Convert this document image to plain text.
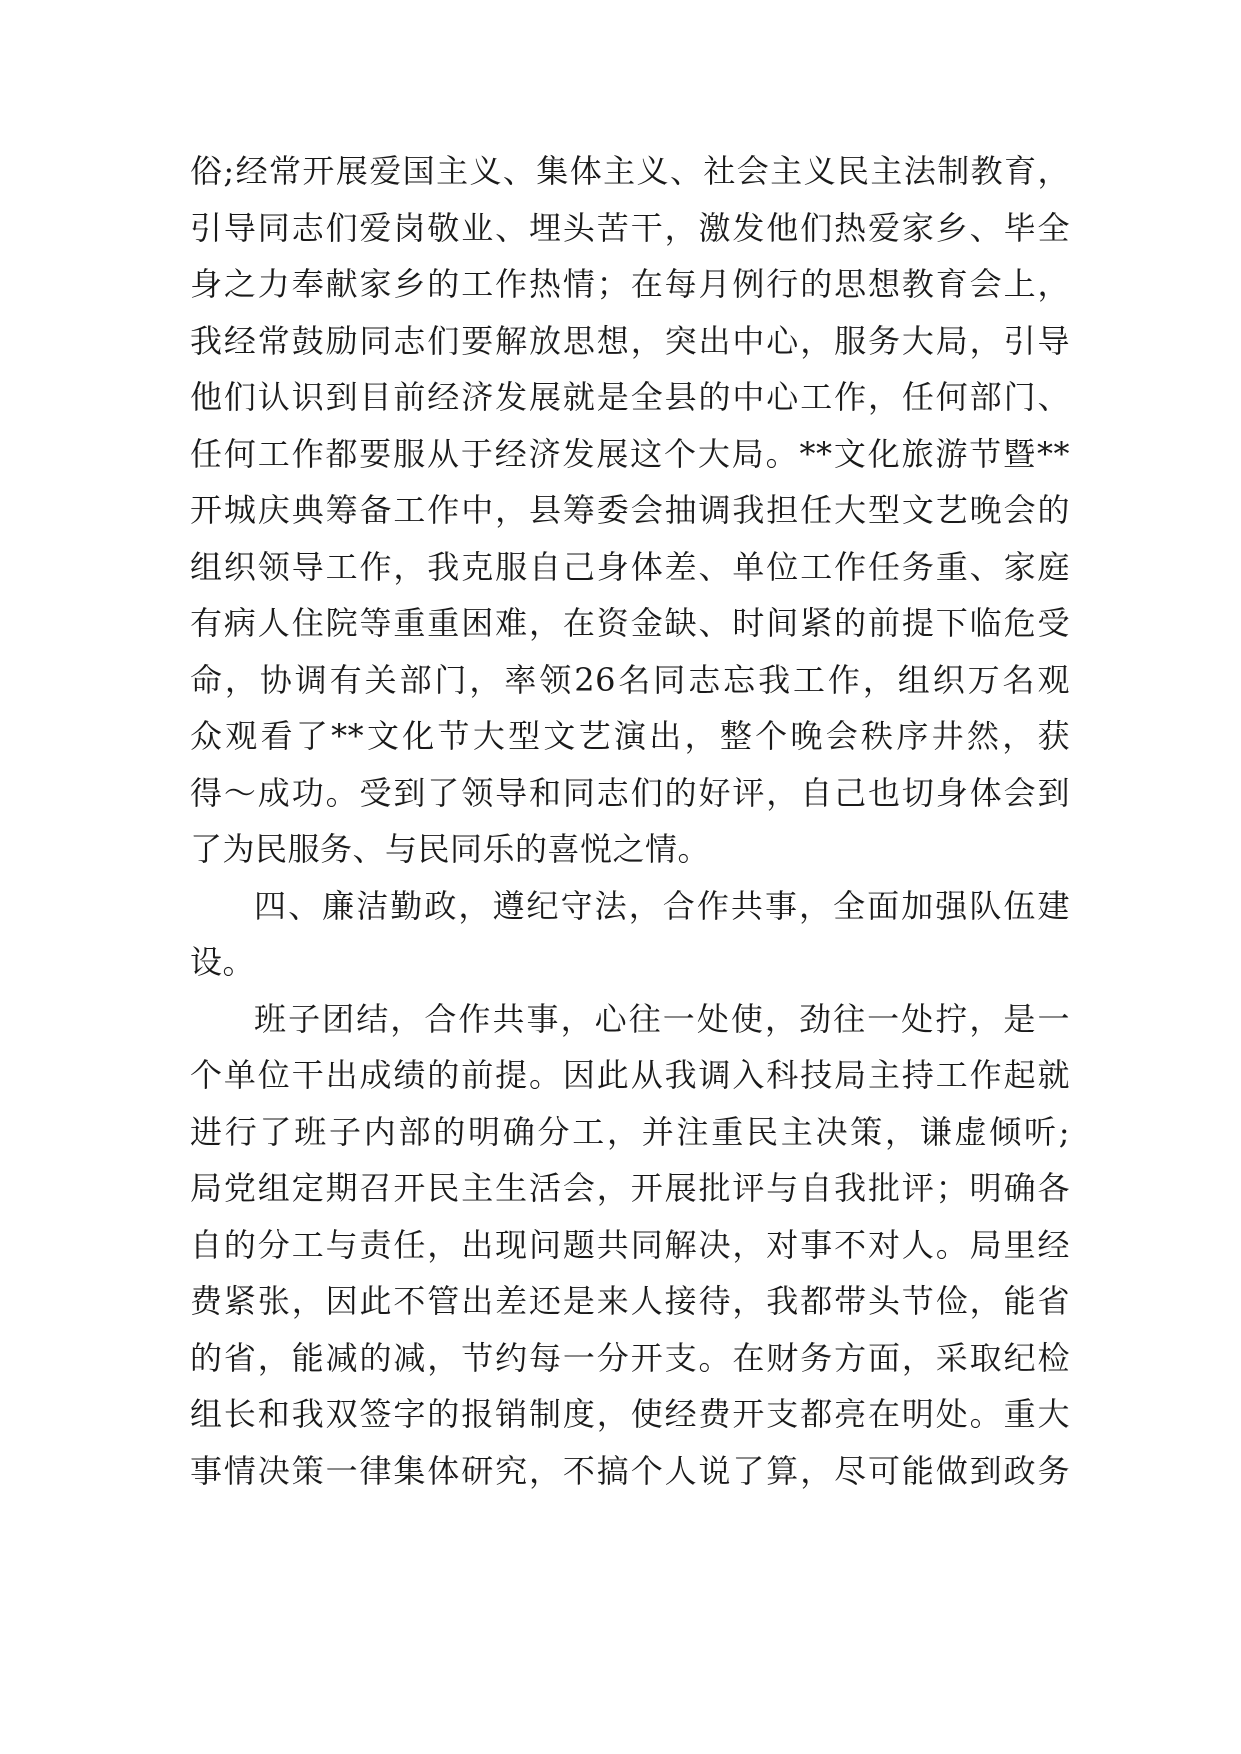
俗;经常开展爱国主义、集体主义、社会主义民主法制教育，
引导同志们爱岗敬业、埋头苦干，激发他们热爱家乡、毕全
身之力奉献家乡的工作热情；在每月例行的思想教育会上，
我经常鼓励同志们要解放思想，突出中心，服务大局，引导
他们认识到目前经济发展就是全县的中心工作，任何部门、
任何工作都要服从于经济发展这个大局。**文化旅游节暨**
开城庆典筹备工作中，县筹委会抽调我担任大型文艺晚会的
组织领导工作，我克服自己身体差、单位工作任务重、家庭
有病人住院等重重困难，在资金缺、时间紧的前提下临危受
命，协调有关部门，率领26名同志忘我工作，组织万名观
众观看了**文化节大型文艺演出，整个晚会秩序井然，获
得～成功。受到了领导和同志们的好评，自己也切身体会到
了为民服务、与民同乐的喜悦之情。
四、廉洁勤政，遵纪守法，合作共事，全面加强队伍建
设。
班子团结，合作共事，心往一处使，劲往一处拧，是一
个单位干出成绩的前提。因此从我调入科技局主持工作起就
进行了班子内部的明确分工，并注重民主决策，谦虚倾听;
局党组定期召开民主生活会，开展批评与自我批评；明确各
自的分工与责任，出现问题共同解决，对事不对人。局里经
费紧张，因此不管出差还是来人接待，我都带头节俭，能省
的省，能减的减，节约每一分开支。在财务方面，采取纪检
组长和我双签字的报销制度，使经费开支都亮在明处。重大
事情决策一律集体研究，不搞个人说了算，尽可能做到政务
